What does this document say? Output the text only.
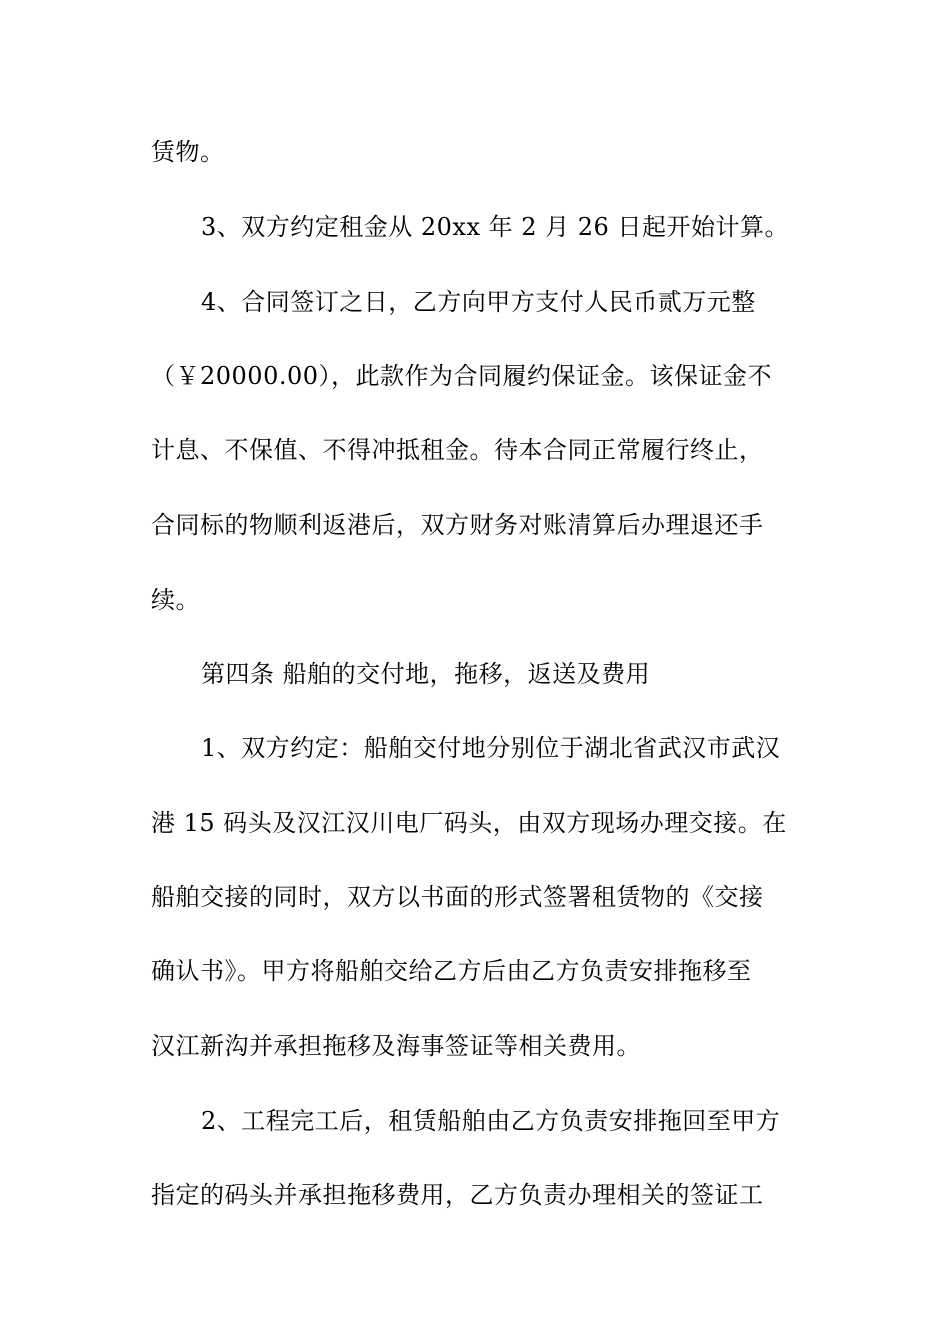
赁物。
3、双方约定租金从 20xx 年 2 月 26 日起开始计算。
4、合同签订之日，乙方向甲方支付人民币贰万元整
（￥20000.00），此款作为合同履约保证金。该保证金不
计息、不保值、不得冲抵租金。待本合同正常履行终止，
合同标的物顺利返港后，双方财务对账清算后办理退还手
续。
第四条 船舶的交付地，拖移，返送及费用
1、双方约定：船舶交付地分别位于湖北省武汉市武汉
港 15 码头及汉江汉川电厂码头，由双方现场办理交接。在
船舶交接的同时，双方以书面的形式签署租赁物的《交接
确认书》。甲方将船舶交给乙方后由乙方负责安排拖移至
汉江新沟并承担拖移及海事签证等相关费用。
2、工程完工后，租赁船舶由乙方负责安排拖回至甲方
指定的码头并承担拖移费用，乙方负责办理相关的签证工
